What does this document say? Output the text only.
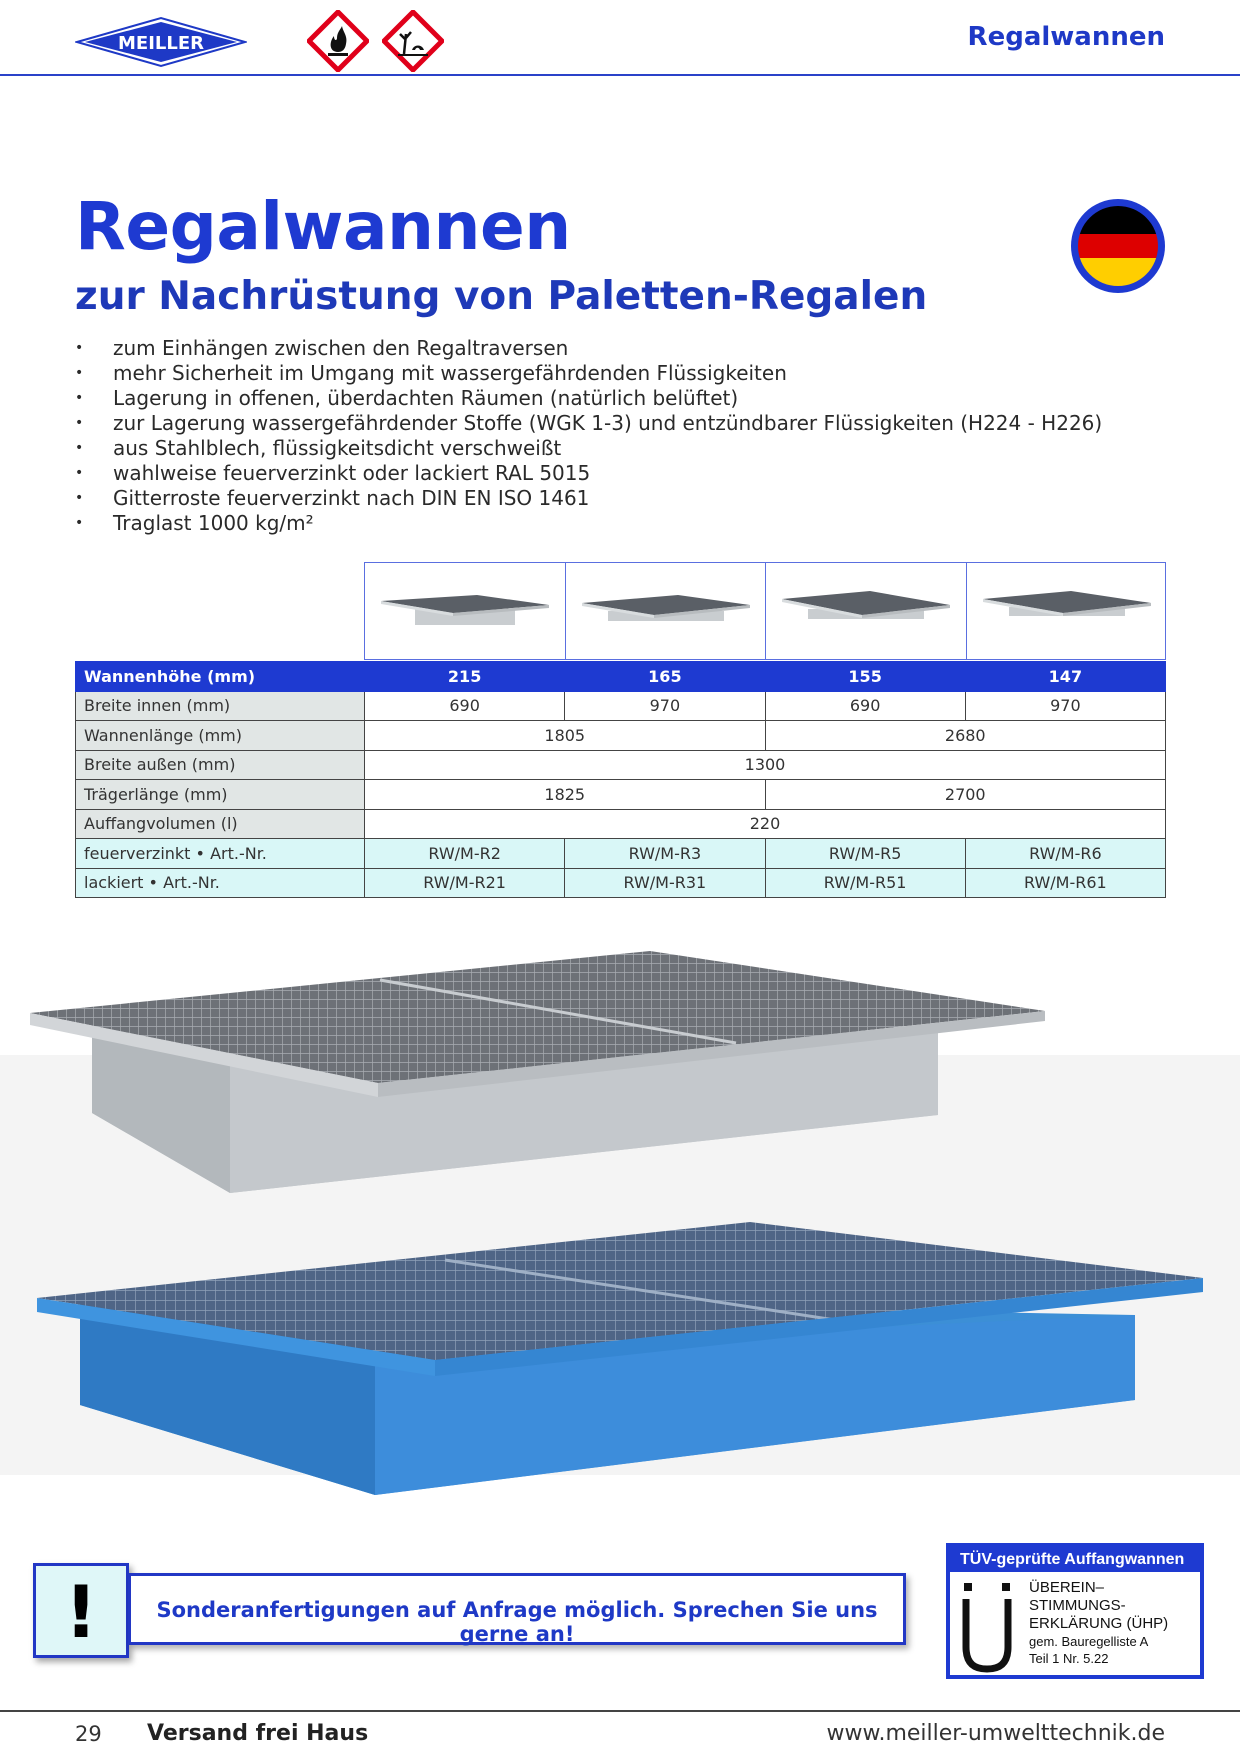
MEILLER	Regalwannen
Regalwannen
zur Nachrüstung von Paletten-Regalen
• zum Einhängen zwischen den Regaltraversen
• mehr Sicherheit im Umgang mit wassergefährdenden Flüssigkeiten
• Lagerung in offenen, überdachten Räumen (natürlich belüftet)
• zur Lagerung wassergefährdender Stoffe (WGK 1-3) und entzündbarer Flüssigkeiten (H224 - H226)
• aus Stahlblech, flüssigkeitsdicht verschweißt
• wahlweise feuerverzinkt oder lackiert RAL 5015
• Gitterroste feuerverzinkt nach DIN EN ISO 1461
• Traglast 1000 kg/m²
Wannenhöhe (mm)	215	165	155	147
Breite innen (mm)	690	970	690	970
Wannenlänge (mm)	1805		2680	
Breite außen (mm)	1300			
Trägerlänge (mm)	1825		2700	
Auffangvolumen (l)	220			
feuerverzinkt • Art.-Nr.	RW/M-R2	RW/M-R3	RW/M-R5	RW/M-R6
lackiert • Art.-Nr.	RW/M-R21	RW/M-R31	RW/M-R51	RW/M-R61
!	Sonderanfertigungen auf Anfrage möglich. Sprechen Sie uns gerne an!
TÜV-geprüfte Auffangwannen
ÜBEREIN–
STIMMUNGS-
ERKLÄRUNG (ÜHP)
gem. Bauregelliste A
Teil 1 Nr. 5.22
29 Versand frei Haus	www.meiller-umwelttechnik.de
